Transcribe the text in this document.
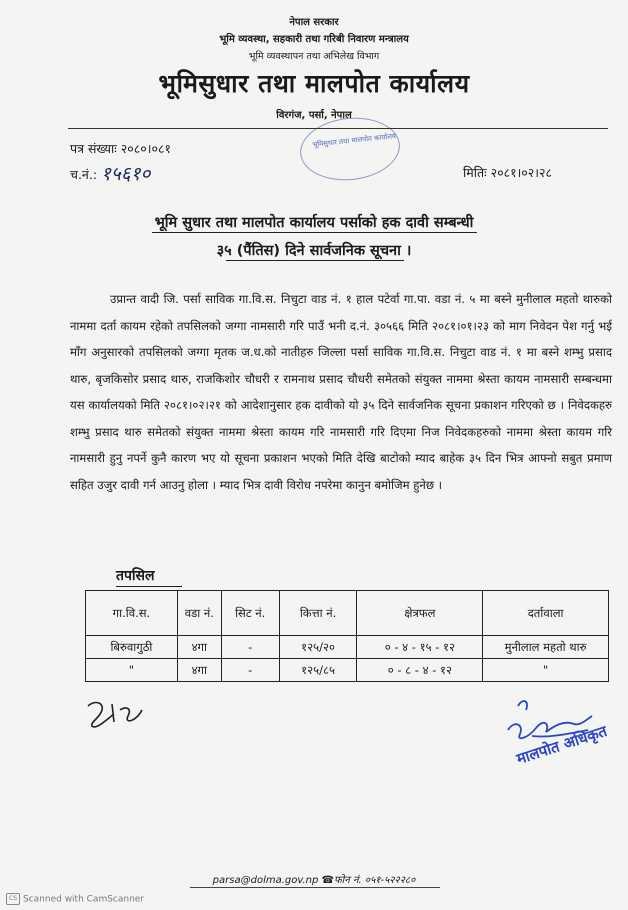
नेपाल सरकार
भूमि व्यवस्था, सहकारी तथा गरिबी निवारण मन्त्रालय
भूमि व्यवस्थापन तथा अभिलेख विभाग
भूमिसुधार तथा मालपोत कार्यालय
विरगंज, पर्सा, नेपाल
भूमिसुधार तथा मालपोत कार्यालय
पत्र संख्याः २०८०।०८१
च.नं.: १५६१०	मितिः २०८१।०२।२८
भूमि सुधार तथा मालपोत कार्यालय पर्साको हक दावी सम्बन्धी
३५ (पैंतिस) दिने सार्वजनिक सूचना ।
उप्रान्त वादी जि. पर्सा साविक गा.वि.स. निचुटा वाड नं. १ हाल पटेर्वा गा.पा. वडा नं. ५ मा बस्ने मुनीलाल महतो थारुको नाममा दर्ता कायम रहेको तपसिलको जग्गा नामसारी गरि पाउँ भनी द.नं. ३०५६६ मिति २०८१।०१।२३ को माग निवेदन पेश गर्नु भई माँग अनुसारको तपसिलको जग्गा मृतक ज.ध.को नातीहरु जिल्ला पर्सा साविक गा.वि.स. निचुटा वाड नं. १ मा बस्ने शम्भु प्रसाद थारु, बृजकिसोर प्रसाद थारु, राजकिशोर चौधरी र रामनाथ प्रसाद चौधरी समेतको संयुक्त नाममा श्रेस्ता कायम नामसारी सम्बन्धमा यस कार्यालयको मिति २०८१।०२।२१ को आदेशानुसार हक दावीको यो ३५ दिने सार्वजनिक सूचना प्रकाशन गरिएको छ । निवेदकहरु शम्भु प्रसाद थारु समेतको संयुक्त नाममा श्रेस्ता कायम गरि नामसारी गरि दिएमा निज निवेदकहरुको नाममा श्रेस्ता कायम गरि नामसारी हुनु नपर्ने कुनै कारण भए यो सूचना प्रकाशन भएको मिति देखि बाटोको म्याद बाहेक ३५ दिन भित्र आफ्नो सबुत प्रमाण सहित उजुर दावी गर्न आउनु होला । म्याद भित्र दावी विरोध नपरेमा कानुन बमोजिम हुनेछ ।
तपसिल
गा.वि.स.	वडा नं.	सिट नं.	कित्ता नं.	क्षेत्रफल	दर्तावाला
बिरुवागुठी	४गा	-	१२५/२०	० - ४ - १५ - १२	मुनीलाल महतो थारु
"	४गा	-	१२५/८५	० - ८ - ४ - १२	"
मालपोत अधिकृत
parsa@dolma.gov.np ☎फोन नं. ०५१-५२२२८०
CS Scanned with CamScanner
